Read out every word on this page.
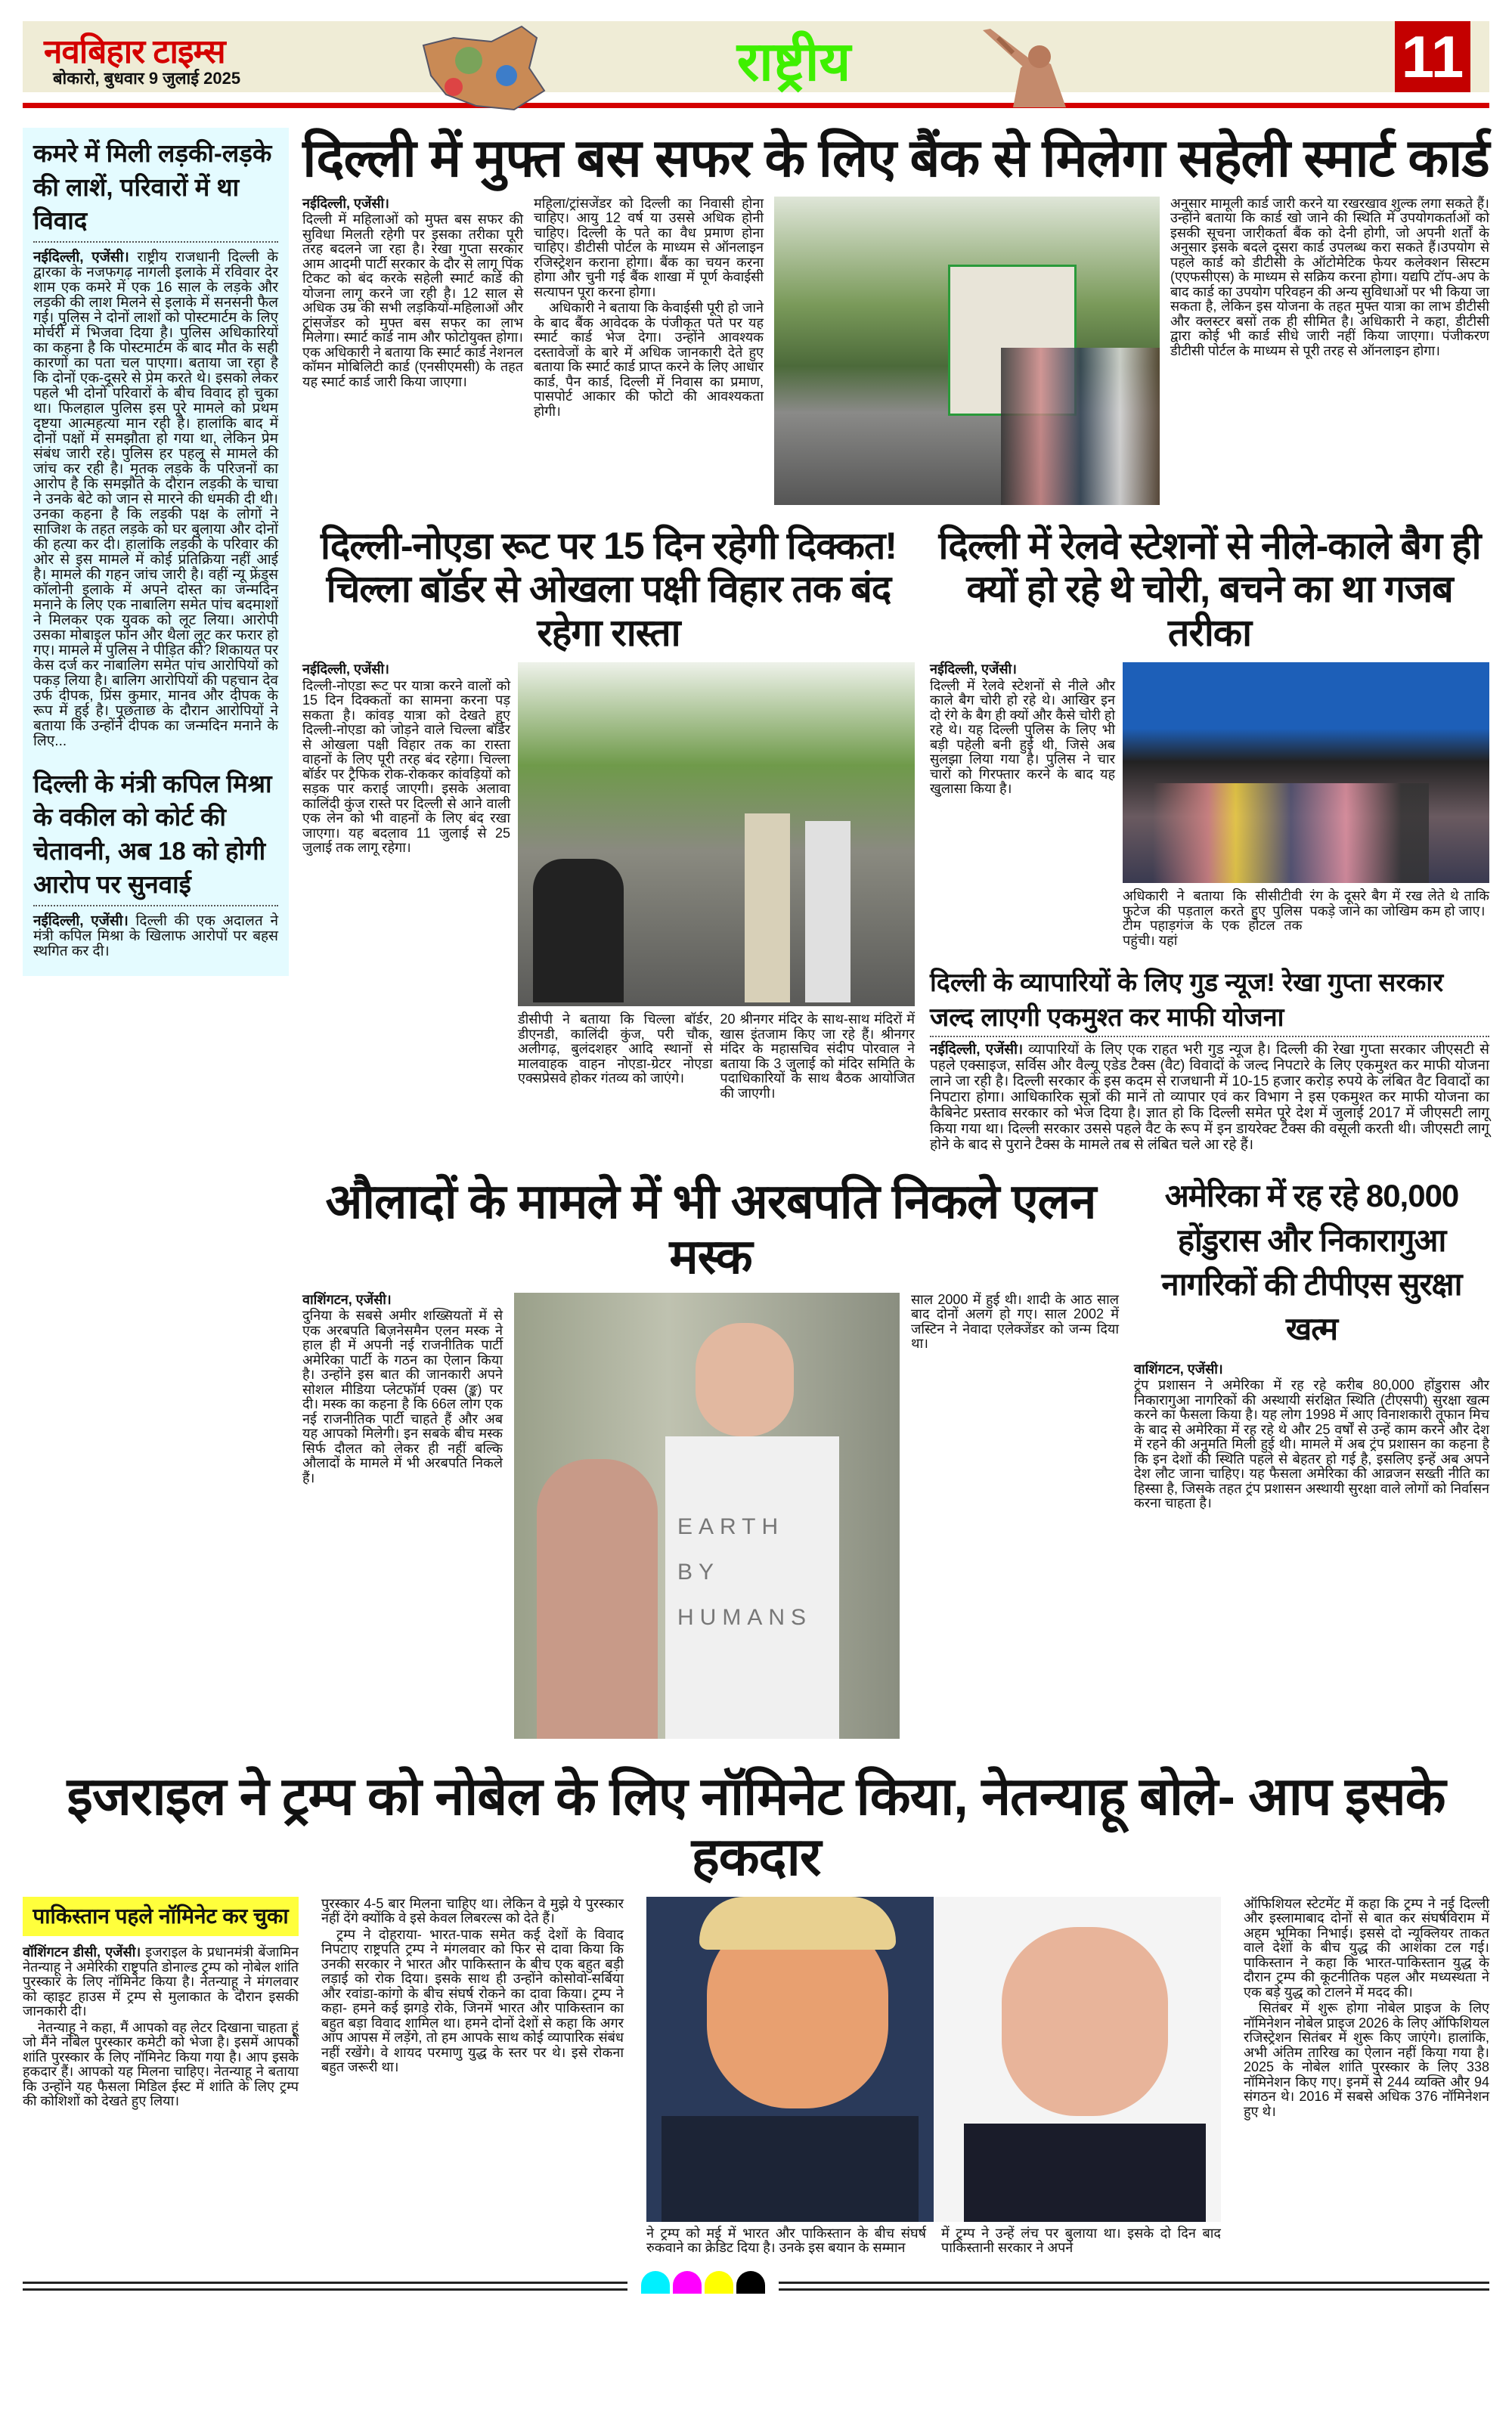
नवबिहार टाइम्स
बोकारो, बुधवार 9 जुलाई 2025	राष्ट्रीय	11
कमरे में मिली लड़की-लड़के की लाशें, परिवारों में था विवाद

नईदिल्ली, एजेंसी। राष्ट्रीय राजधानी दिल्ली के द्वारका के नजफगढ़ नागली इलाके में रविवार देर शाम एक कमरे में एक 16 साल के लड़के और लड़की की लाश मिलने से इलाके में सनसनी फैल गई। पुलिस ने दोनों लाशों को पोस्टमार्टम के लिए मोर्चरी में भिजवा दिया है। पुलिस अधिकारियों का कहना है कि पोस्टमार्टम के बाद मौत के सही कारणों का पता चल पाएगा। बताया जा रहा है कि दोनों एक-दूसरे से प्रेम करते थे। इसको लेकर पहले भी दोनों परिवारों के बीच विवाद हो चुका था। फिलहाल पुलिस इस पूरे मामले को प्रथम दृष्टया आत्महत्या मान रही है। हालांकि बाद में दोनों पक्षों में समझौता हो गया था, लेकिन प्रेम संबंध जारी रहे। पुलिस हर पहलू से मामले की जांच कर रही है। मृतक लड़के के परिजनों का आरोप है कि समझौते के दौरान लड़की के चाचा ने उनके बेटे को जान से मारने की धमकी दी थी। उनका कहना है कि लड़की पक्ष के लोगों ने साजिश के तहत लड़के को घर बुलाया और दोनों की हत्या कर दी। हालांकि लड़की के परिवार की ओर से इस मामले में कोई प्रतिक्रिया नहीं आई है। मामले की गहन जांच जारी है। वहीं न्यू फ्रेंड्स कॉलोनी इलाके में अपने दोस्त का जन्मदिन मनाने के लिए एक नाबालिग समेत पांच बदमाशों ने मिलकर एक युवक को लूट लिया। आरोपी उसका मोबाइल फोन और थैला लूट कर फरार हो गए। मामले में पुलिस ने पीड़ित की? शिकायत पर केस दर्ज कर नाबालिग समेत पांच आरोपियों को पकड़ लिया है। बालिग आरोपियों की पहचान देव उर्फ दीपक, प्रिंस कुमार, मानव और दीपक के रूप में हुई है। पूछताछ के दौरान आरोपियों ने बताया कि उन्होंने दीपक का जन्मदिन मनाने के लिए...

दिल्ली के मंत्री कपिल मिश्रा के वकील को कोर्ट की चेतावनी, अब 18 को होगी आरोप पर सुनवाई

नईदिल्ली, एजेंसी। दिल्ली की एक अदालत ने मंत्री कपिल मिश्रा के खिलाफ आरोपों पर बहस स्थगित कर दी।

दिल्ली में मुफ्त बस सफर के लिए बैंक से मिलेगा सहेली स्मार्ट कार्ड

नईदिल्ली, एजेंसी।

दिल्ली में महिलाओं को मुफ्त बस सफर की सुविधा मिलती रहेगी पर इसका तरीका पूरी तरह बदलने जा रहा है। रेखा गुप्ता सरकार आम आदमी पार्टी सरकार के दौर से लागू पिंक टिकट को बंद करके सहेली स्मार्ट कार्ड की योजना लागू करने जा रही है। 12 साल से अधिक उम्र की सभी लड़कियों-महिलाओं और ट्रांसजेंडर को मुफ्त बस सफर का लाभ मिलेगा। स्मार्ट कार्ड नाम और फोटोयुक्त होगा। एक अधिकारी ने बताया कि स्मार्ट कार्ड नेशनल कॉमन मोबिलिटी कार्ड (एनसीएमसी) के तहत यह स्मार्ट कार्ड जारी किया जाएगा।

महिला/ट्रांसजेंडर को दिल्ली का निवासी होना चाहिए। आयु 12 वर्ष या उससे अधिक होनी चाहिए। दिल्ली के पते का वैध प्रमाण होना चाहिए। डीटीसी पोर्टल के माध्यम से ऑनलाइन रजिस्ट्रेशन कराना होगा। बैंक का चयन करना होगा और चुनी गई बैंक शाखा में पूर्ण केवाईसी सत्यापन पूरा करना होगा।

अधिकारी ने बताया कि केवाईसी पूरी हो जाने के बाद बैंक आवेदक के पंजीकृत पते पर यह स्मार्ट कार्ड भेज देगा। उन्होंने आवश्यक दस्तावेजों के बारे में अधिक जानकारी देते हुए बताया कि स्मार्ट कार्ड प्राप्त करने के लिए आधार कार्ड, पैन कार्ड, दिल्ली में निवास का प्रमाण, पासपोर्ट आकार की फोटो की आवश्यकता होगी।

अनुसार मामूली कार्ड जारी करने या रखरखाव शुल्क लगा सकते हैं। उन्होंने बताया कि कार्ड खो जाने की स्थिति में उपयोगकर्ताओं को इसकी सूचना जारीकर्ता बैंक को देनी होगी, जो अपनी शर्तों के अनुसार इसके बदले दूसरा कार्ड उपलब्ध करा सकते हैं।उपयोग से पहले कार्ड को डीटीसी के ऑटोमेटिक फेयर कलेक्शन सिस्टम (एएफसीएस) के माध्यम से सक्रिय करना होगा। यद्यपि टॉप-अप के बाद कार्ड का उपयोग परिवहन की अन्य सुविधाओं पर भी किया जा सकता है, लेकिन इस योजना के तहत मुफ्त यात्रा का लाभ डीटीसी और क्लस्टर बसों तक ही सीमित है। अधिकारी ने कहा, डीटीसी द्वारा कोई भी कार्ड सीधे जारी नहीं किया जाएगा। पंजीकरण डीटीसी पोर्टल के माध्यम से पूरी तरह से ऑनलाइन होगा।

दिल्ली-नोएडा रूट पर 15 दिन रहेगी दिक्कत! चिल्ला बॉर्डर से ओखला पक्षी विहार तक बंद रहेगा रास्ता

नईदिल्ली, एजेंसी।

दिल्ली-नोएडा रूट पर यात्रा करने वालों को 15 दिन दिक्कतों का सामना करना पड़ सकता है। कांवड़ यात्रा को देखते हुए दिल्ली-नोएडा को जोड़ने वाले चिल्ला बॉर्डर से ओखला पक्षी विहार तक का रास्ता वाहनों के लिए पूरी तरह बंद रहेगा। चिल्ला बॉर्डर पर ट्रैफिक रोक-रोककर कांवड़ियों को सड़क पार कराई जाएगी। इसके अलावा कालिंदी कुंज रास्ते पर दिल्ली से आने वाली एक लेन को भी वाहनों के लिए बंद रखा जाएगा। यह बदलाव 11 जुलाई से 25 जुलाई तक लागू रहेगा।

डीसीपी ने बताया कि चिल्ला बॉर्डर, डीएनडी, कालिंदी कुंज, परी चौक, अलीगढ़, बुलंदशहर आदि स्थानों से मालवाहक वाहन नोएडा-ग्रेटर नोएडा एक्सप्रेसवे होकर गंतव्य को जाएंगे।

20 श्रीनगर मंदिर के साथ-साथ मंदिरों में खास इंतजाम किए जा रहे हैं। श्रीनगर मंदिर के महासचिव संदीप पोरवाल ने बताया कि 3 जुलाई को मंदिर समिति के पदाधिकारियों के साथ बैठक आयोजित की जाएगी।

दिल्ली में रेलवे स्टेशनों से नीले-काले बैग ही क्यों हो रहे थे चोरी, बचने का था गजब तरीका

नईदिल्ली, एजेंसी।

दिल्ली में रेलवे स्टेशनों से नीले और काले बैग चोरी हो रहे थे। आखिर इन दो रंगे के बैग ही क्यों और कैसे चोरी हो रहे थे। यह दिल्ली पुलिस के लिए भी बड़ी पहेली बनी हुई थी, जिसे अब सुलझा लिया गया है। पुलिस ने चार चारों को गिरफ्तार करने के बाद यह खुलासा किया है।

अधिकारी ने बताया कि सीसीटीवी फुटेज की पड़ताल करते हुए पुलिस टीम पहाड़गंज के एक होटल तक पहुंची। यहां

रंग के दूसरे बैग में रख लेते थे ताकि पकड़े जाने का जोखिम कम हो जाए।

दिल्ली के व्यापारियों के लिए गुड न्यूज! रेखा गुप्ता सरकार जल्द लाएगी एकमुश्त कर माफी योजना

नईदिल्ली, एजेंसी। व्यापारियों के लिए एक राहत भरी गुड न्यूज है। दिल्ली की रेखा गुप्ता सरकार जीएसटी से पहले एक्साइज, सर्विस और वैल्यू एडेड टैक्स (वैट) विवादों के जल्द निपटारे के लिए एकमुश्त कर माफी योजना लाने जा रही है। दिल्ली सरकार के इस कदम से राजधानी में 10-15 हजार करोड़ रुपये के लंबित वैट विवादों का निपटारा होगा। आधिकारिक सूत्रों की मानें तो व्यापार एवं कर विभाग ने इस एकमुश्त कर माफी योजना का कैबिनेट प्रस्ताव सरकार को भेज दिया है। ज्ञात हो कि दिल्ली समेत पूरे देश में जुलाई 2017 में जीएसटी लागू किया गया था। दिल्ली सरकार उससे पहले वैट के रूप में इन डायरेक्ट टैक्स की वसूली करती थी। जीएसटी लागू होने के बाद से पुराने टैक्स के मामले तब से लंबित चले आ रहे हैं।

औलादों के मामले में भी अरबपति निकले एलन मस्क

वाशिंगटन, एजेंसी।

दुनिया के सबसे अमीर शख्सियतों में से एक अरबपति बिज़नेसमैन एलन मस्क ने हाल ही में अपनी नई राजनीतिक पार्टी अमेरिका पार्टी के गठन का ऐलान किया है। उन्होंने इस बात की जानकारी अपने सोशल मीडिया प्लेटफॉर्म एक्स (ङ्क) पर दी। मस्क का कहना है कि 66ल लोग एक नई राजनीतिक पार्टी चाहते हैं और अब यह आपको मिलेगी। इन सबके बीच मस्क सिर्फ दौलत को लेकर ही नहीं बल्कि औलादों के मामले में भी अरबपति निकले हैं।

EARTH BY HUMANS

साल 2000 में हुई थी। शादी के आठ साल बाद दोनों अलग हो गए। साल 2002 में जस्टिन ने नेवादा एलेक्जेंडर को जन्म दिया था।

अमेरिका में रह रहे 80,000 होंडुरास और निकारागुआ नागरिकों की टीपीएस सुरक्षा खत्म

वाशिंगटन, एजेंसी।

ट्रंप प्रशासन ने अमेरिका में रह रहे करीब 80,000 होंडुरास और निकारागुआ नागरिकों की अस्थायी संरक्षित स्थिति (टीएसपी) सुरक्षा खत्म करने का फैसला किया है। यह लोग 1998 में आए विनाशकारी तूफान मिच के बाद से अमेरिका में रह रहे थे और 25 वर्षों से उन्हें काम करने और देश में रहने की अनुमति मिली हुई थी। मामले में अब ट्रंप प्रशासन का कहना है कि इन देशों की स्थिति पहले से बेहतर हो गई है, इसलिए इन्हें अब अपने देश लौट जाना चाहिए। यह फैसला अमेरिका की आव्रजन सख्ती नीति का हिस्सा है, जिसके तहत ट्रंप प्रशासन अस्थायी सुरक्षा वाले लोगों को निर्वासन करना चाहता है।

इजराइल ने ट्रम्प को नोबेल के लिए नॉमिनेट किया, नेतन्याहू बोले- आप इसके हकदार
पाकिस्तान पहले नॉमिनेट कर चुका

वॉशिंगटन डीसी, एजेंसी। इजराइल के प्रधानमंत्री बेंजामिन नेतन्याहू ने अमेरिकी राष्ट्रपति डोनाल्ड ट्रम्प को नोबेल शांति पुरस्कार के लिए नॉमिनेट किया है। नेतन्याहू ने मंगलवार को व्हाइट हाउस में ट्रम्प से मुलाकात के दौरान इसकी जानकारी दी।

नेतन्याहू ने कहा, मैं आपको वह लेटर दिखाना चाहता हूं जो मैंने नोबेल पुरस्कार कमेटी को भेजा है। इसमें आपको शांति पुरस्कार के लिए नॉमिनेट किया गया है। आप इसके हकदार हैं। आपको यह मिलना चाहिए। नेतन्याहू ने बताया कि उन्होंने यह फैसला मिडिल ईस्ट में शांति के लिए ट्रम्प की कोशिशों को देखते हुए लिया।

पुरस्कार 4-5 बार मिलना चाहिए था। लेकिन वे मुझे ये पुरस्कार नहीं देंगे क्योंकि वे इसे केवल लिबरल्स को देते हैं।

ट्रम्प ने दोहराया- भारत-पाक समेत कई देशों के विवाद निपटाए राष्ट्रपति ट्रम्प ने मंगलवार को फिर से दावा किया कि उनकी सरकार ने भारत और पाकिस्तान के बीच एक बहुत बड़ी लड़ाई को रोक दिया। इसके साथ ही उन्होंने कोसोवो-सर्बिया और रवांडा-कांगो के बीच संघर्ष रोकने का दावा किया। ट्रम्प ने कहा- हमने कई झगड़े रोके, जिनमें भारत और पाकिस्तान का बहुत बड़ा विवाद शामिल था। हमने दोनों देशों से कहा कि अगर आप आपस में लड़ेंगे, तो हम आपके साथ कोई व्यापारिक संबंध नहीं रखेंगे। वे शायद परमाणु युद्ध के स्तर पर थे। इसे रोकना बहुत जरूरी था।

ने ट्रम्प को मई में भारत और पाकिस्तान के बीच संघर्ष रुकवाने का क्रेडिट दिया है। उनके इस बयान के सम्मान
में ट्रम्प ने उन्हें लंच पर बुलाया था। इसके दो दिन बाद पाकिस्तानी सरकार ने अपने

ऑफिशियल स्टेटमेंट में कहा कि ट्रम्प ने नई दिल्ली और इस्लामाबाद दोनों से बात कर संघर्षविराम में अहम भूमिका निभाई। इससे दो न्यूक्लियर ताकत वाले देशों के बीच युद्ध की आशंका टल गई। पाकिस्तान ने कहा कि भारत-पाकिस्तान युद्ध के दौरान ट्रम्प की कूटनीतिक पहल और मध्यस्थता ने एक बड़े युद्ध को टालने में मदद की।

सितंबर में शुरू होगा नोबेल प्राइज के लिए नॉमिनेशन नोबेल प्राइज 2026 के लिए ऑफिशियल रजिस्ट्रेशन सितंबर में शुरू किए जाएंगे। हालांकि, अभी अंतिम तारिख का ऐलान नहीं किया गया है। 2025 के नोबेल शांति पुरस्कार के लिए 338 नॉमिनेशन किए गए। इनमें से 244 व्यक्ति और 94 संगठन थे। 2016 में सबसे अधिक 376 नॉमिनेशन हुए थे।
